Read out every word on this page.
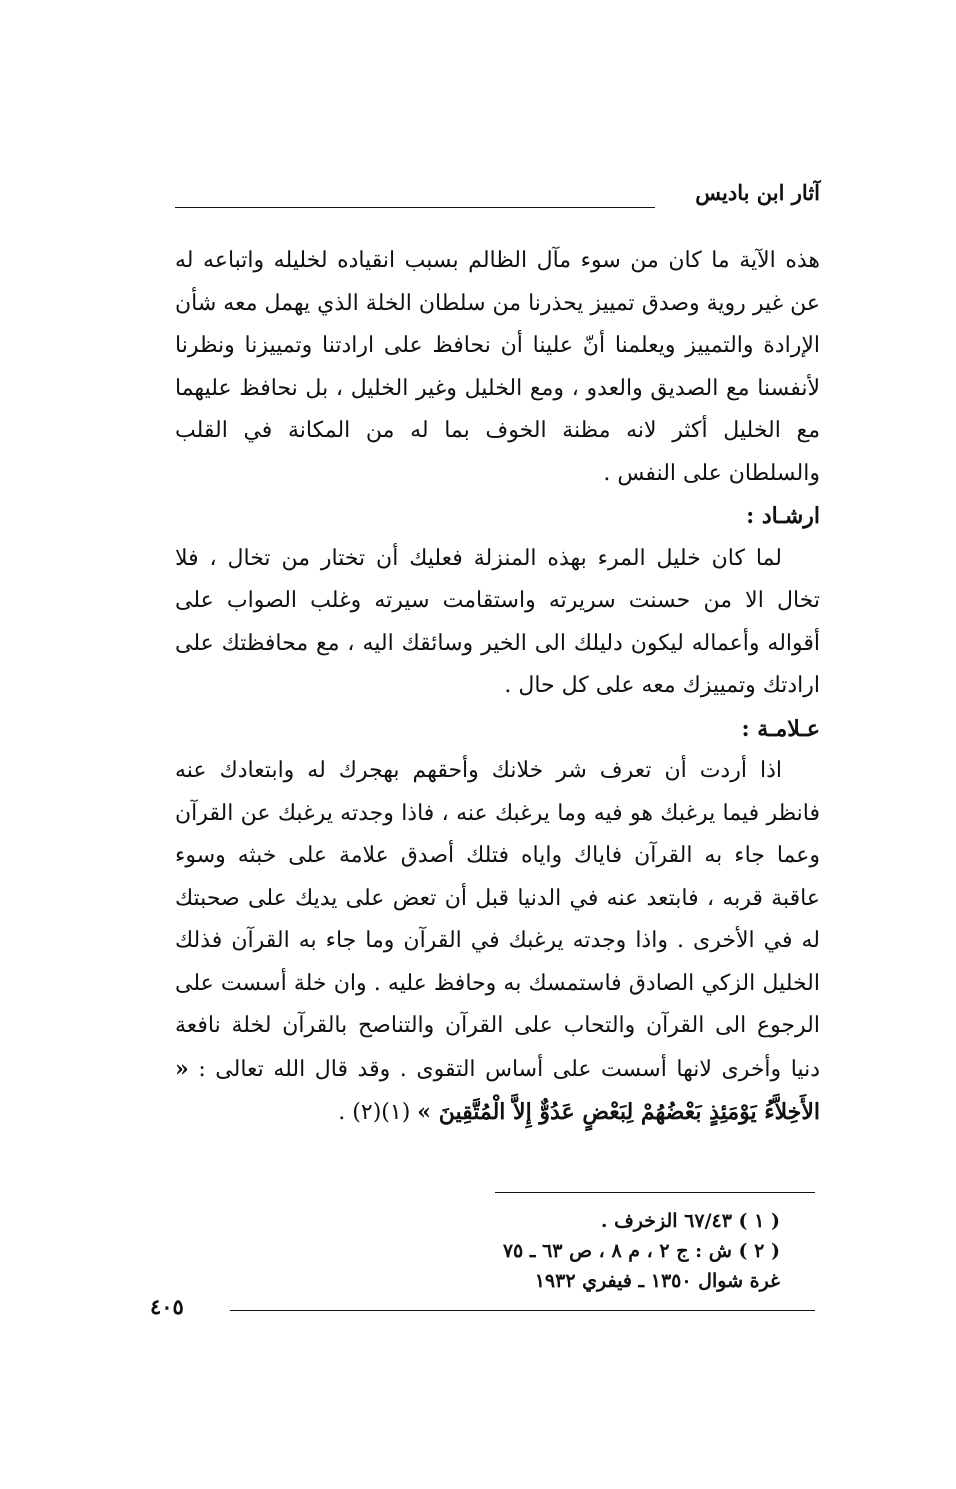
آثار ابن باديس

هذه الآية ما كان من سوء مآل الظالم بسبب انقياده لخليله واتباعه له عن غير روية وصدق تمييز يحذرنا من سلطان الخلة الذي يهمل معه شأن الإرادة والتمييز ويعلمنا أنّ علينا أن نحافظ على ارادتنا وتمييزنا ونظرنا لأنفسنا مع الصديق والعدو ، ومع الخليل وغير الخليل ، بل نحافظ عليهما مع الخليل أكثر لانه مظنة الخوف بما له من المكانة في القلب والسلطان على النفس .

ارشـاد :

لما كان خليل المرء بهذه المنزلة فعليك أن تختار من تخال ، فلا تخال الا من حسنت سريرته واستقامت سيرته وغلب الصواب على أقواله وأعماله ليكون دليلك الى الخير وسائقك اليه ، مع محافظتك على ارادتك وتمييزك معه على كل حال .

عـلامـة :

اذا أردت أن تعرف شر خلانك وأحقهم بهجرك له وابتعادك عنه فانظر فيما يرغبك هو فيه وما يرغبك عنه ، فاذا وجدته يرغبك عن القرآن وعما جاء به القرآن فاياك واياه فتلك أصدق علامة على خبثه وسوء عاقبة قربه ، فابتعد عنه في الدنيا قبل أن تعض على يديك على صحبتك له في الأخرى . واذا وجدته يرغبك في القرآن وما جاء به القرآن فذلك الخليل الزكي الصادق فاستمسك به وحافظ عليه . وان خلة أسست على الرجوع الى القرآن والتحاب على القرآن والتناصح بالقرآن لخلة نافعة دنيا وأخرى لانها أسست على أساس التقوى . وقد قال الله تعالى : « الأَخِلاَّءُ يَوْمَئِذٍ بَعْضُهُمْ لِبَعْضٍ عَدُوٌّ إِلاَّ الْمُتَّقِينَ » (١)(٢) .

( ١ ) ٦٧/٤٣ الزخرف .
( ٢ ) ش : ج ٢ ، م ٨ ، ص ٦٣ ـ ٧٥
غرة شوال ١٣٥٠ ـ فيفري ١٩٣٢
٤٠٥
